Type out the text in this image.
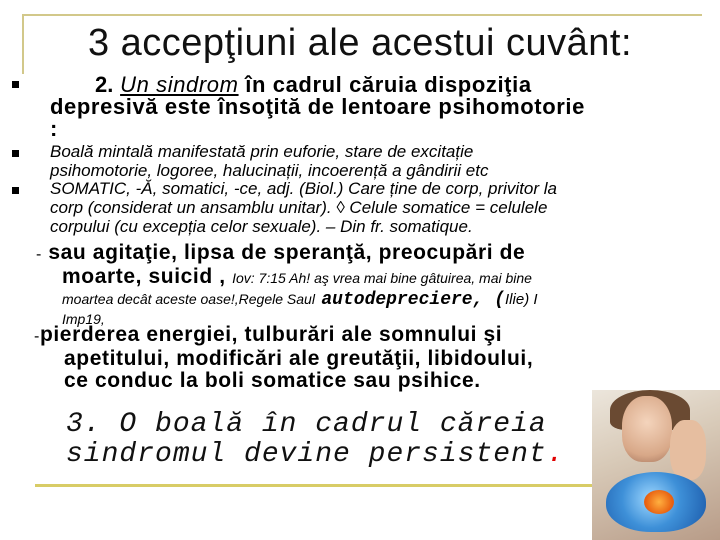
3 accepţiuni ale acestui cuvânt:
2. Un sindrom în cadrul căruia dispoziţia
depresivă este însoţită de lentoare psihomotorie
:
Boală mintală manifestată prin euforie, stare de excitație
psihomotorie, logoree, halucinații, incoerență a gândirii etc
SOMATIC, -Ă, somatici, -ce, adj. (Biol.) Care ține de corp, privitor la
corp (considerat un ansamblu unitar). ◊ Celule somatice = celulele
corpului (cu excepția celor sexuale). – Din fr. somatique.
- sau agitaţie, lipsa de speranţă, preocupări de
moarte, suicid , Iov: 7:15 Ah! aş vrea mai bine gâtuirea, mai bine
moartea decât aceste oase!,Regele Saul autodepreciere, (Ilie) I
Imp19,
-pierderea energiei, tulburări ale somnului şi
apetitului, modificări ale greutăţii, libidoului,
ce conduc la boli somatice sau psihice.
3. O boală în cadrul căreia
sindromul devine persistent.
